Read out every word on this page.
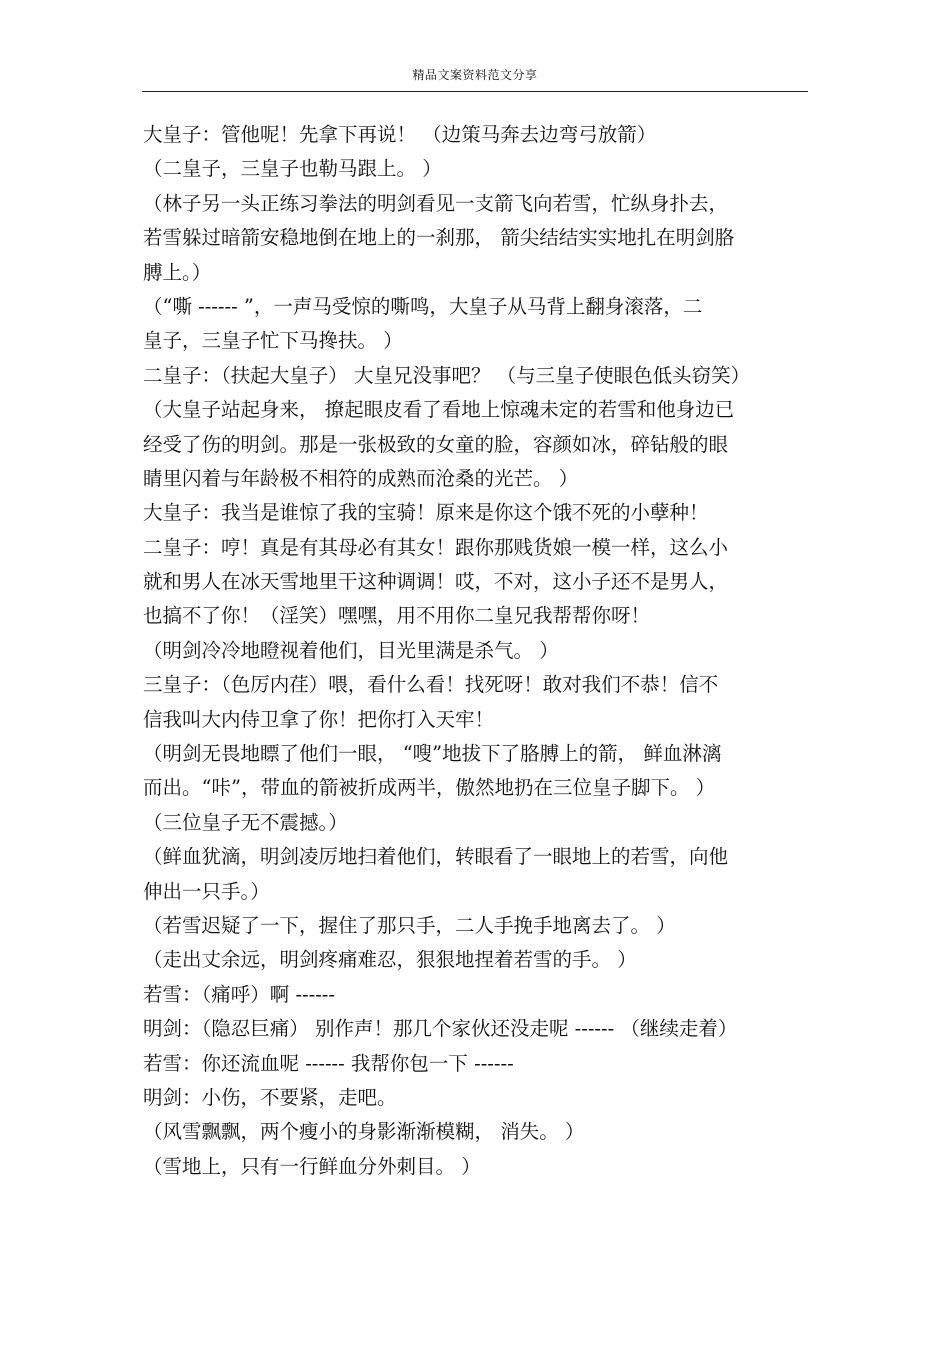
精品文案资料范文分享
大皇子：管他呢！先拿下再说！ （边策马奔去边弯弓放箭）
（二皇子，三皇子也勒马跟上。 ）
（林子另一头正练习拳法的明剑看见一支箭飞向若雪，忙纵身扑去，
若雪躲过暗箭安稳地倒在地上的一刹那， 箭尖结结实实地扎在明剑胳
膊上。）
（“嘶 ------ ”，一声马受惊的嘶鸣，大皇子从马背上翻身滚落，二
皇子，三皇子忙下马搀扶。 ）
二皇子：（扶起大皇子） 大皇兄没事吧？ （与三皇子使眼色低头窃笑）
（大皇子站起身来， 撩起眼皮看了看地上惊魂未定的若雪和他身边已
经受了伤的明剑。那是一张极致的女童的脸，容颜如冰，碎钻般的眼
睛里闪着与年龄极不相符的成熟而沧桑的光芒。 ）
大皇子：我当是谁惊了我的宝骑！原来是你这个饿不死的小孽种！
二皇子：哼！真是有其母必有其女！跟你那贱货娘一模一样，这么小
就和男人在冰天雪地里干这种调调！哎，不对，这小子还不是男人，
也搞不了你！（淫笑）嘿嘿，用不用你二皇兄我帮帮你呀！
（明剑冷冷地瞪视着他们，目光里满是杀气。 ）
三皇子：（色厉内荏）喂，看什么看！找死呀！敢对我们不恭！信不
信我叫大内侍卫拿了你！把你打入天牢！
（明剑无畏地瞟了他们一眼， “嗖”地拔下了胳膊上的箭， 鲜血淋漓
而出。“咔”，带血的箭被折成两半，傲然地扔在三位皇子脚下。 ）
（三位皇子无不震撼。）
（鲜血犹滴，明剑凌厉地扫着他们，转眼看了一眼地上的若雪，向他
伸出一只手。）
（若雪迟疑了一下，握住了那只手，二人手挽手地离去了。 ）
（走出丈余远，明剑疼痛难忍，狠狠地捏着若雪的手。 ）
若雪：（痛呼）啊 ------
明剑：（隐忍巨痛） 别作声！那几个家伙还没走呢 ------ （继续走着）
若雪：你还流血呢 ------ 我帮你包一下 ------
明剑：小伤，不要紧，走吧。
（风雪飘飘，两个瘦小的身影渐渐模糊， 消失。 ）
（雪地上，只有一行鲜血分外刺目。 ）
